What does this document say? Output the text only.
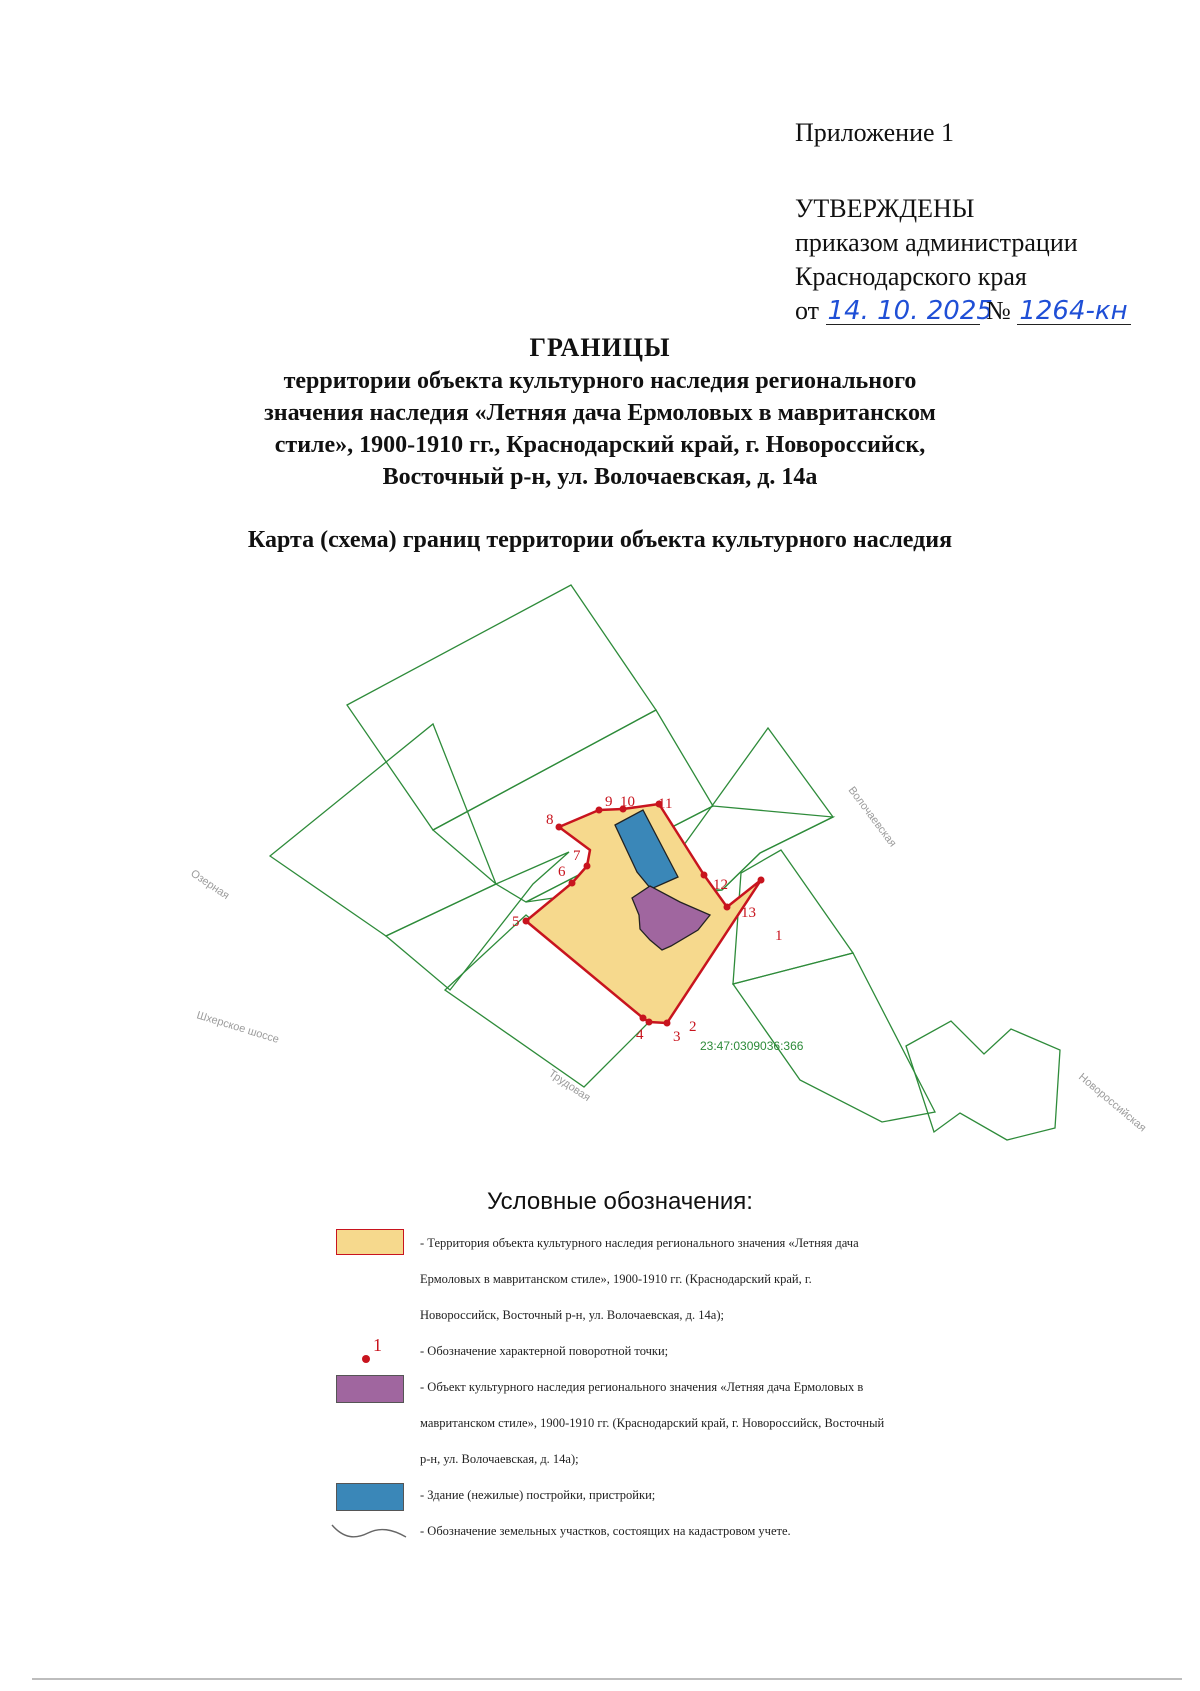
Приложение 1
УТВЕРЖДЕНЫ
приказом администрации
Краснодарского края
от 14. 10. 2025 № 1264-кн
ГРАНИЦЫ
территории объекта культурного наследия регионального
значения наследия «Летняя дача Ермоловых в мавританском
стиле», 1900-1910 гг., Краснодарский край, г. Новороссийск,
Восточный р-н, ул. Волочаевская, д. 14а
Карта (схема) границ территории объекта культурного наследия
1
2
3
4
5
6
7
8
9 10 11
12
13
23:47:0309036:366
Волочаевская
Трудовая
Шхерское шоссе
Озерная
Новороссийская
Условные обозначения:
- Территория объекта культурного наследия регионального значения «Летняя дача
Ермоловых в мавританском стиле», 1900-1910 гг. (Краснодарский край, г.
Новороссийск, Восточный р-н, ул. Волочаевская, д. 14а);
1	- Обозначение характерной поворотной точки;
- Объект культурного наследия регионального значения «Летняя дача Ермоловых в
мавританском стиле», 1900-1910 гг. (Краснодарский край, г. Новороссийск, Восточный
р-н, ул. Волочаевская, д. 14а);
- Здание (нежилые) постройки, пристройки;
- Обозначение земельных участков, состоящих на кадастровом учете.
